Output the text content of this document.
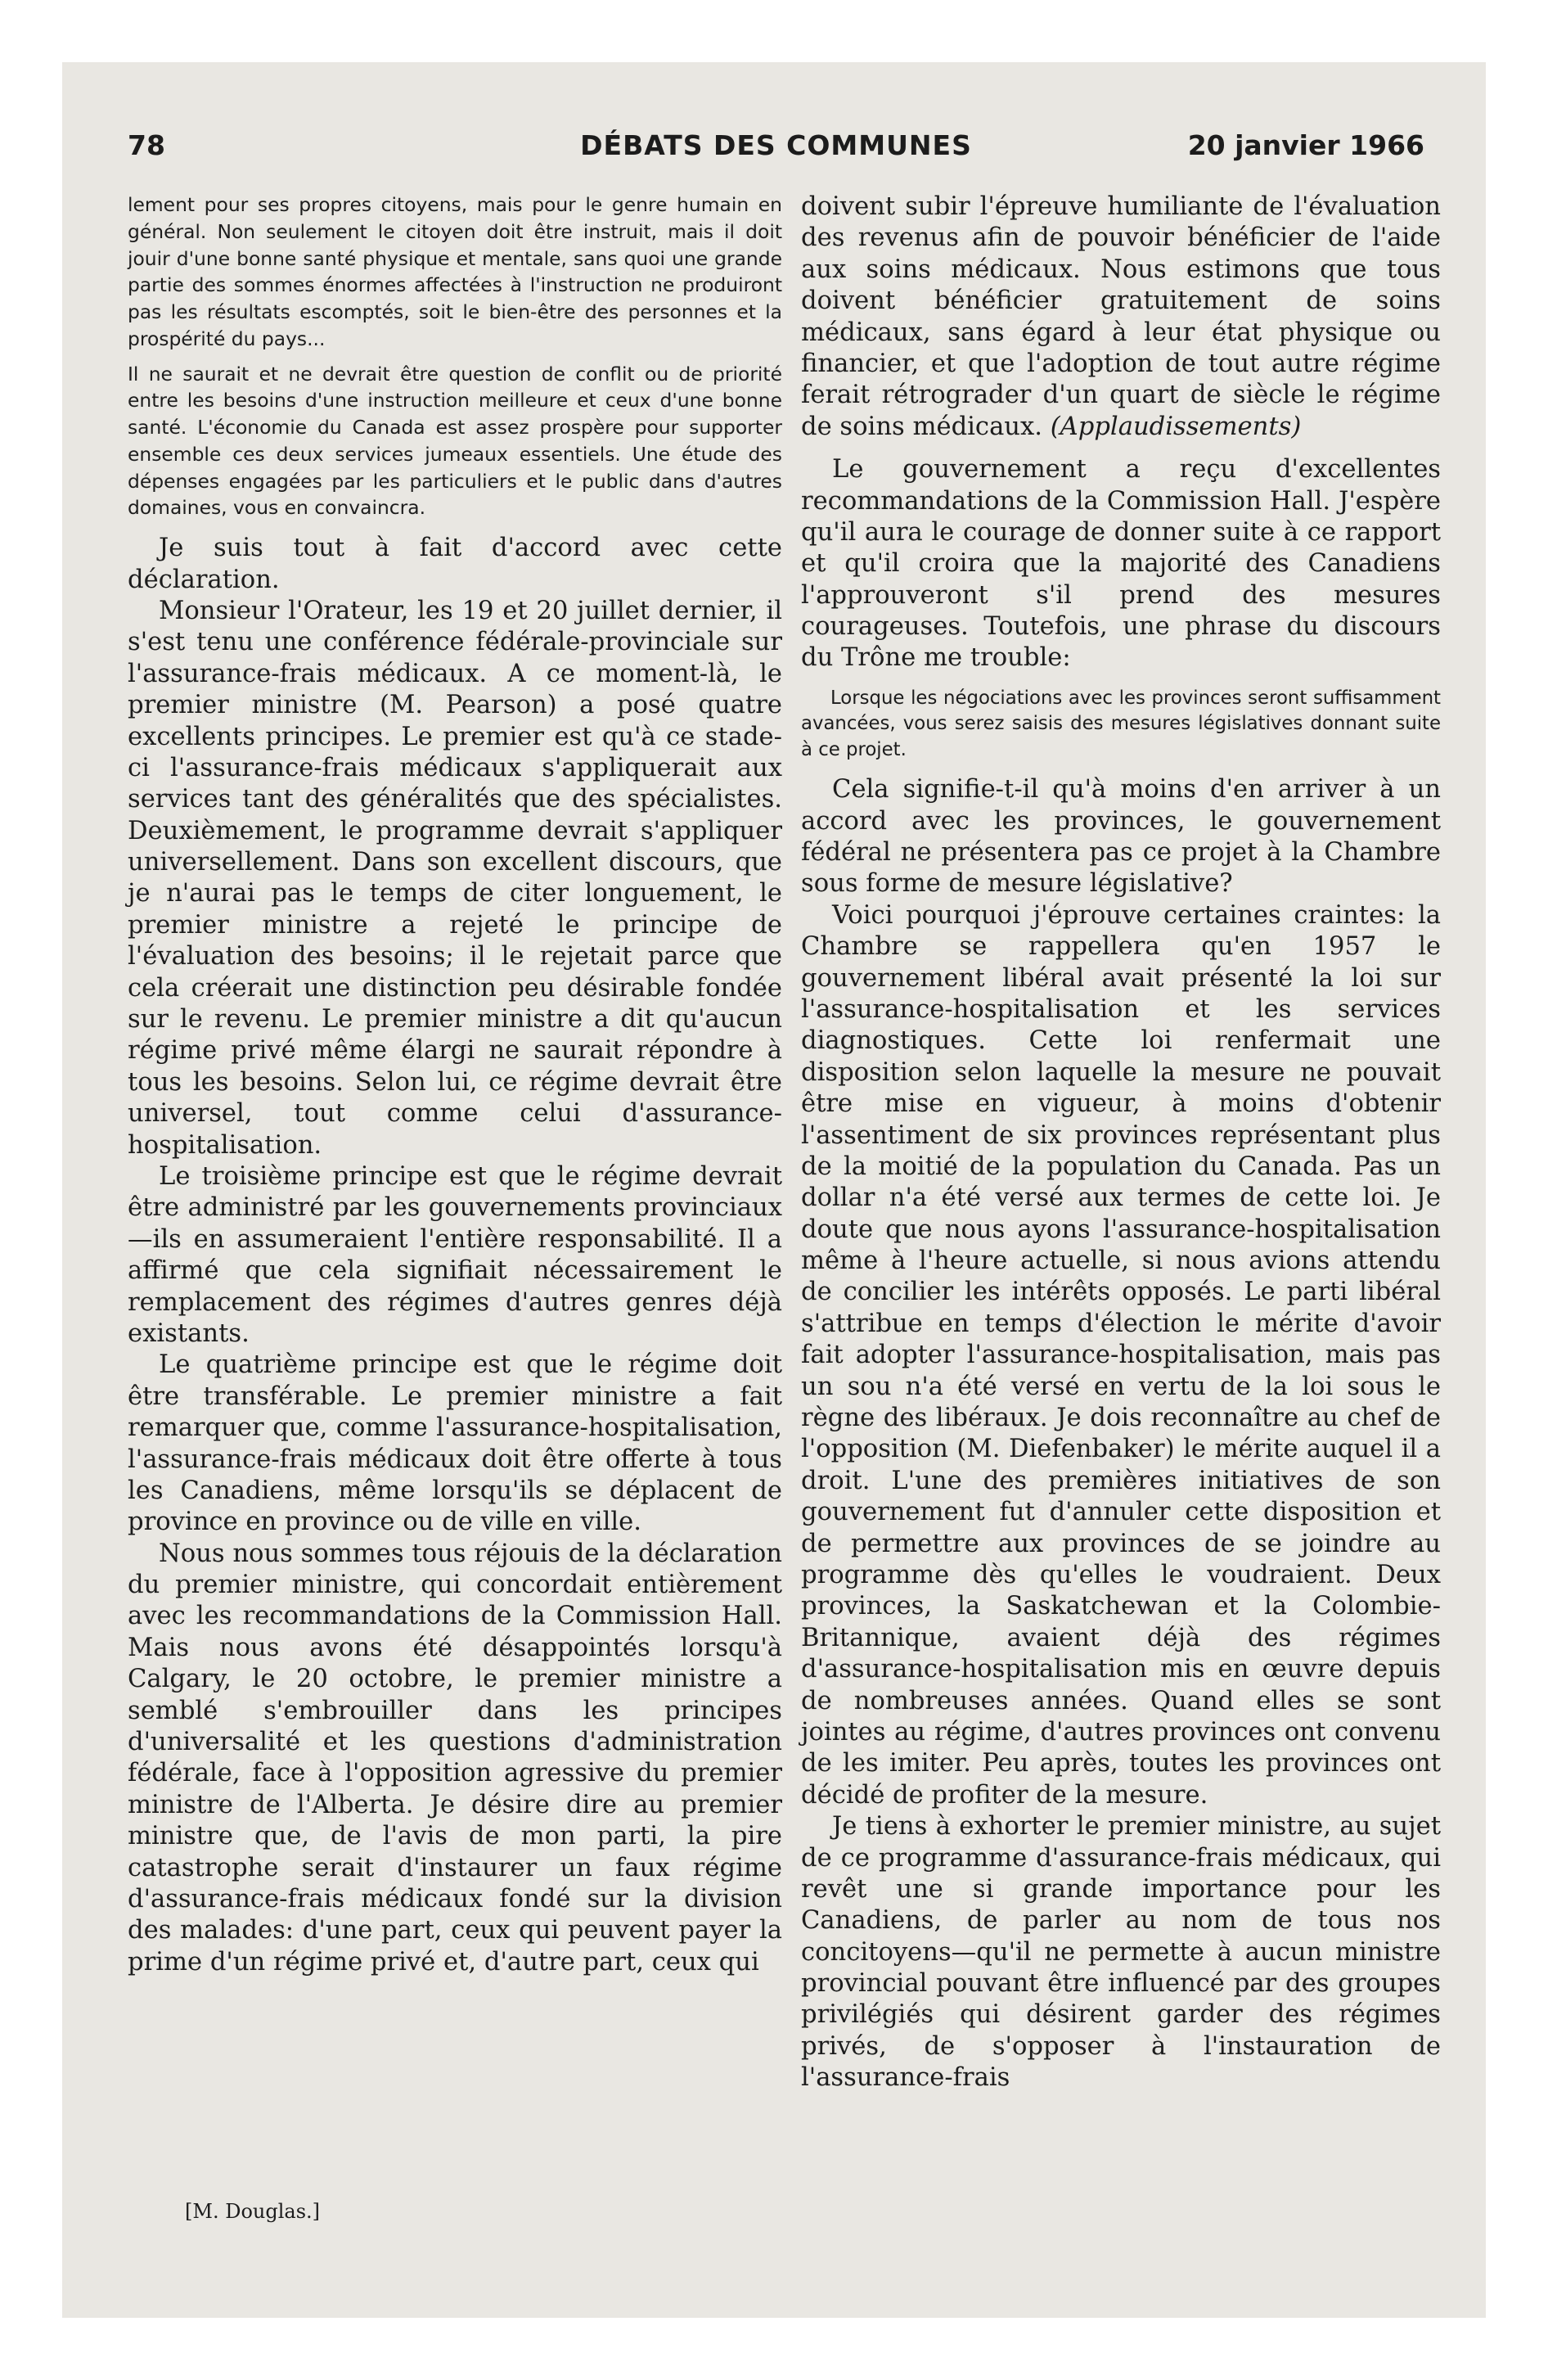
78	DÉBATS DES COMMUNES	20 janvier 1966

lement pour ses propres citoyens, mais pour le genre humain en général. Non seulement le citoyen doit être instruit, mais il doit jouir d'une bonne santé physique et mentale, sans quoi une grande partie des sommes énormes affectées à l'instruction ne produiront pas les résultats escomptés, soit le bien-être des personnes et la prospérité du pays...

Il ne saurait et ne devrait être question de conflit ou de priorité entre les besoins d'une instruction meilleure et ceux d'une bonne santé. L'économie du Canada est assez prospère pour supporter ensemble ces deux services jumeaux essentiels. Une étude des dépenses engagées par les particuliers et le public dans d'autres domaines, vous en convaincra.

Je suis tout à fait d'accord avec cette déclaration.

Monsieur l'Orateur, les 19 et 20 juillet dernier, il s'est tenu une conférence fédérale-provinciale sur l'assurance-frais médicaux. A ce moment-là, le premier ministre (M. Pearson) a posé quatre excellents principes. Le premier est qu'à ce stade-ci l'assurance-frais médicaux s'appliquerait aux services tant des généralités que des spécialistes. Deuxièmement, le programme devrait s'appliquer universellement. Dans son excellent discours, que je n'aurai pas le temps de citer longuement, le premier ministre a rejeté le principe de l'évaluation des besoins; il le rejetait parce que cela créerait une distinction peu désirable fondée sur le revenu. Le premier ministre a dit qu'aucun régime privé même élargi ne saurait répondre à tous les besoins. Selon lui, ce régime devrait être universel, tout comme celui d'assurance-hospitalisation.

Le troisième principe est que le régime devrait être administré par les gouvernements provinciaux—ils en assumeraient l'entière responsabilité. Il a affirmé que cela signifiait nécessairement le remplacement des régimes d'autres genres déjà existants.

Le quatrième principe est que le régime doit être transférable. Le premier ministre a fait remarquer que, comme l'assurance-hospitalisation, l'assurance-frais médicaux doit être offerte à tous les Canadiens, même lorsqu'ils se déplacent de province en province ou de ville en ville.

Nous nous sommes tous réjouis de la déclaration du premier ministre, qui concordait entièrement avec les recommandations de la Commission Hall. Mais nous avons été désappointés lorsqu'à Calgary, le 20 octobre, le premier ministre a semblé s'embrouiller dans les principes d'universalité et les questions d'administration fédérale, face à l'opposition agressive du premier ministre de l'Alberta. Je désire dire au premier ministre que, de l'avis de mon parti, la pire catastrophe serait d'instaurer un faux régime d'assurance-frais médicaux fondé sur la division des malades: d'une part, ceux qui peuvent payer la prime d'un régime privé et, d'autre part, ceux qui

doivent subir l'épreuve humiliante de l'évaluation des revenus afin de pouvoir bénéficier de l'aide aux soins médicaux. Nous estimons que tous doivent bénéficier gratuitement de soins médicaux, sans égard à leur état physique ou financier, et que l'adoption de tout autre régime ferait rétrograder d'un quart de siècle le régime de soins médicaux. (Applaudissements)

Le gouvernement a reçu d'excellentes recommandations de la Commission Hall. J'espère qu'il aura le courage de donner suite à ce rapport et qu'il croira que la majorité des Canadiens l'approuveront s'il prend des mesures courageuses. Toutefois, une phrase du discours du Trône me trouble:

Lorsque les négociations avec les provinces seront suffisamment avancées, vous serez saisis des mesures législatives donnant suite à ce projet.

Cela signifie-t-il qu'à moins d'en arriver à un accord avec les provinces, le gouvernement fédéral ne présentera pas ce projet à la Chambre sous forme de mesure législative?

Voici pourquoi j'éprouve certaines craintes: la Chambre se rappellera qu'en 1957 le gouvernement libéral avait présenté la loi sur l'assurance-hospitalisation et les services diagnostiques. Cette loi renfermait une disposition selon laquelle la mesure ne pouvait être mise en vigueur, à moins d'obtenir l'assentiment de six provinces représentant plus de la moitié de la population du Canada. Pas un dollar n'a été versé aux termes de cette loi. Je doute que nous ayons l'assurance-hospitalisation même à l'heure actuelle, si nous avions attendu de concilier les intérêts opposés. Le parti libéral s'attribue en temps d'élection le mérite d'avoir fait adopter l'assurance-hospitalisation, mais pas un sou n'a été versé en vertu de la loi sous le règne des libéraux. Je dois reconnaître au chef de l'opposition (M. Diefenbaker) le mérite auquel il a droit. L'une des premières initiatives de son gouvernement fut d'annuler cette disposition et de permettre aux provinces de se joindre au programme dès qu'elles le voudraient. Deux provinces, la Saskatchewan et la Colombie-Britannique, avaient déjà des régimes d'assurance-hospitalisation mis en œuvre depuis de nombreuses années. Quand elles se sont jointes au régime, d'autres provinces ont convenu de les imiter. Peu après, toutes les provinces ont décidé de profiter de la mesure.

Je tiens à exhorter le premier ministre, au sujet de ce programme d'assurance-frais médicaux, qui revêt une si grande importance pour les Canadiens, de parler au nom de tous nos concitoyens—qu'il ne permette à aucun ministre provincial pouvant être influencé par des groupes privilégiés qui désirent garder des régimes privés, de s'opposer à l'instauration de l'assurance-frais

[M. Douglas.]
